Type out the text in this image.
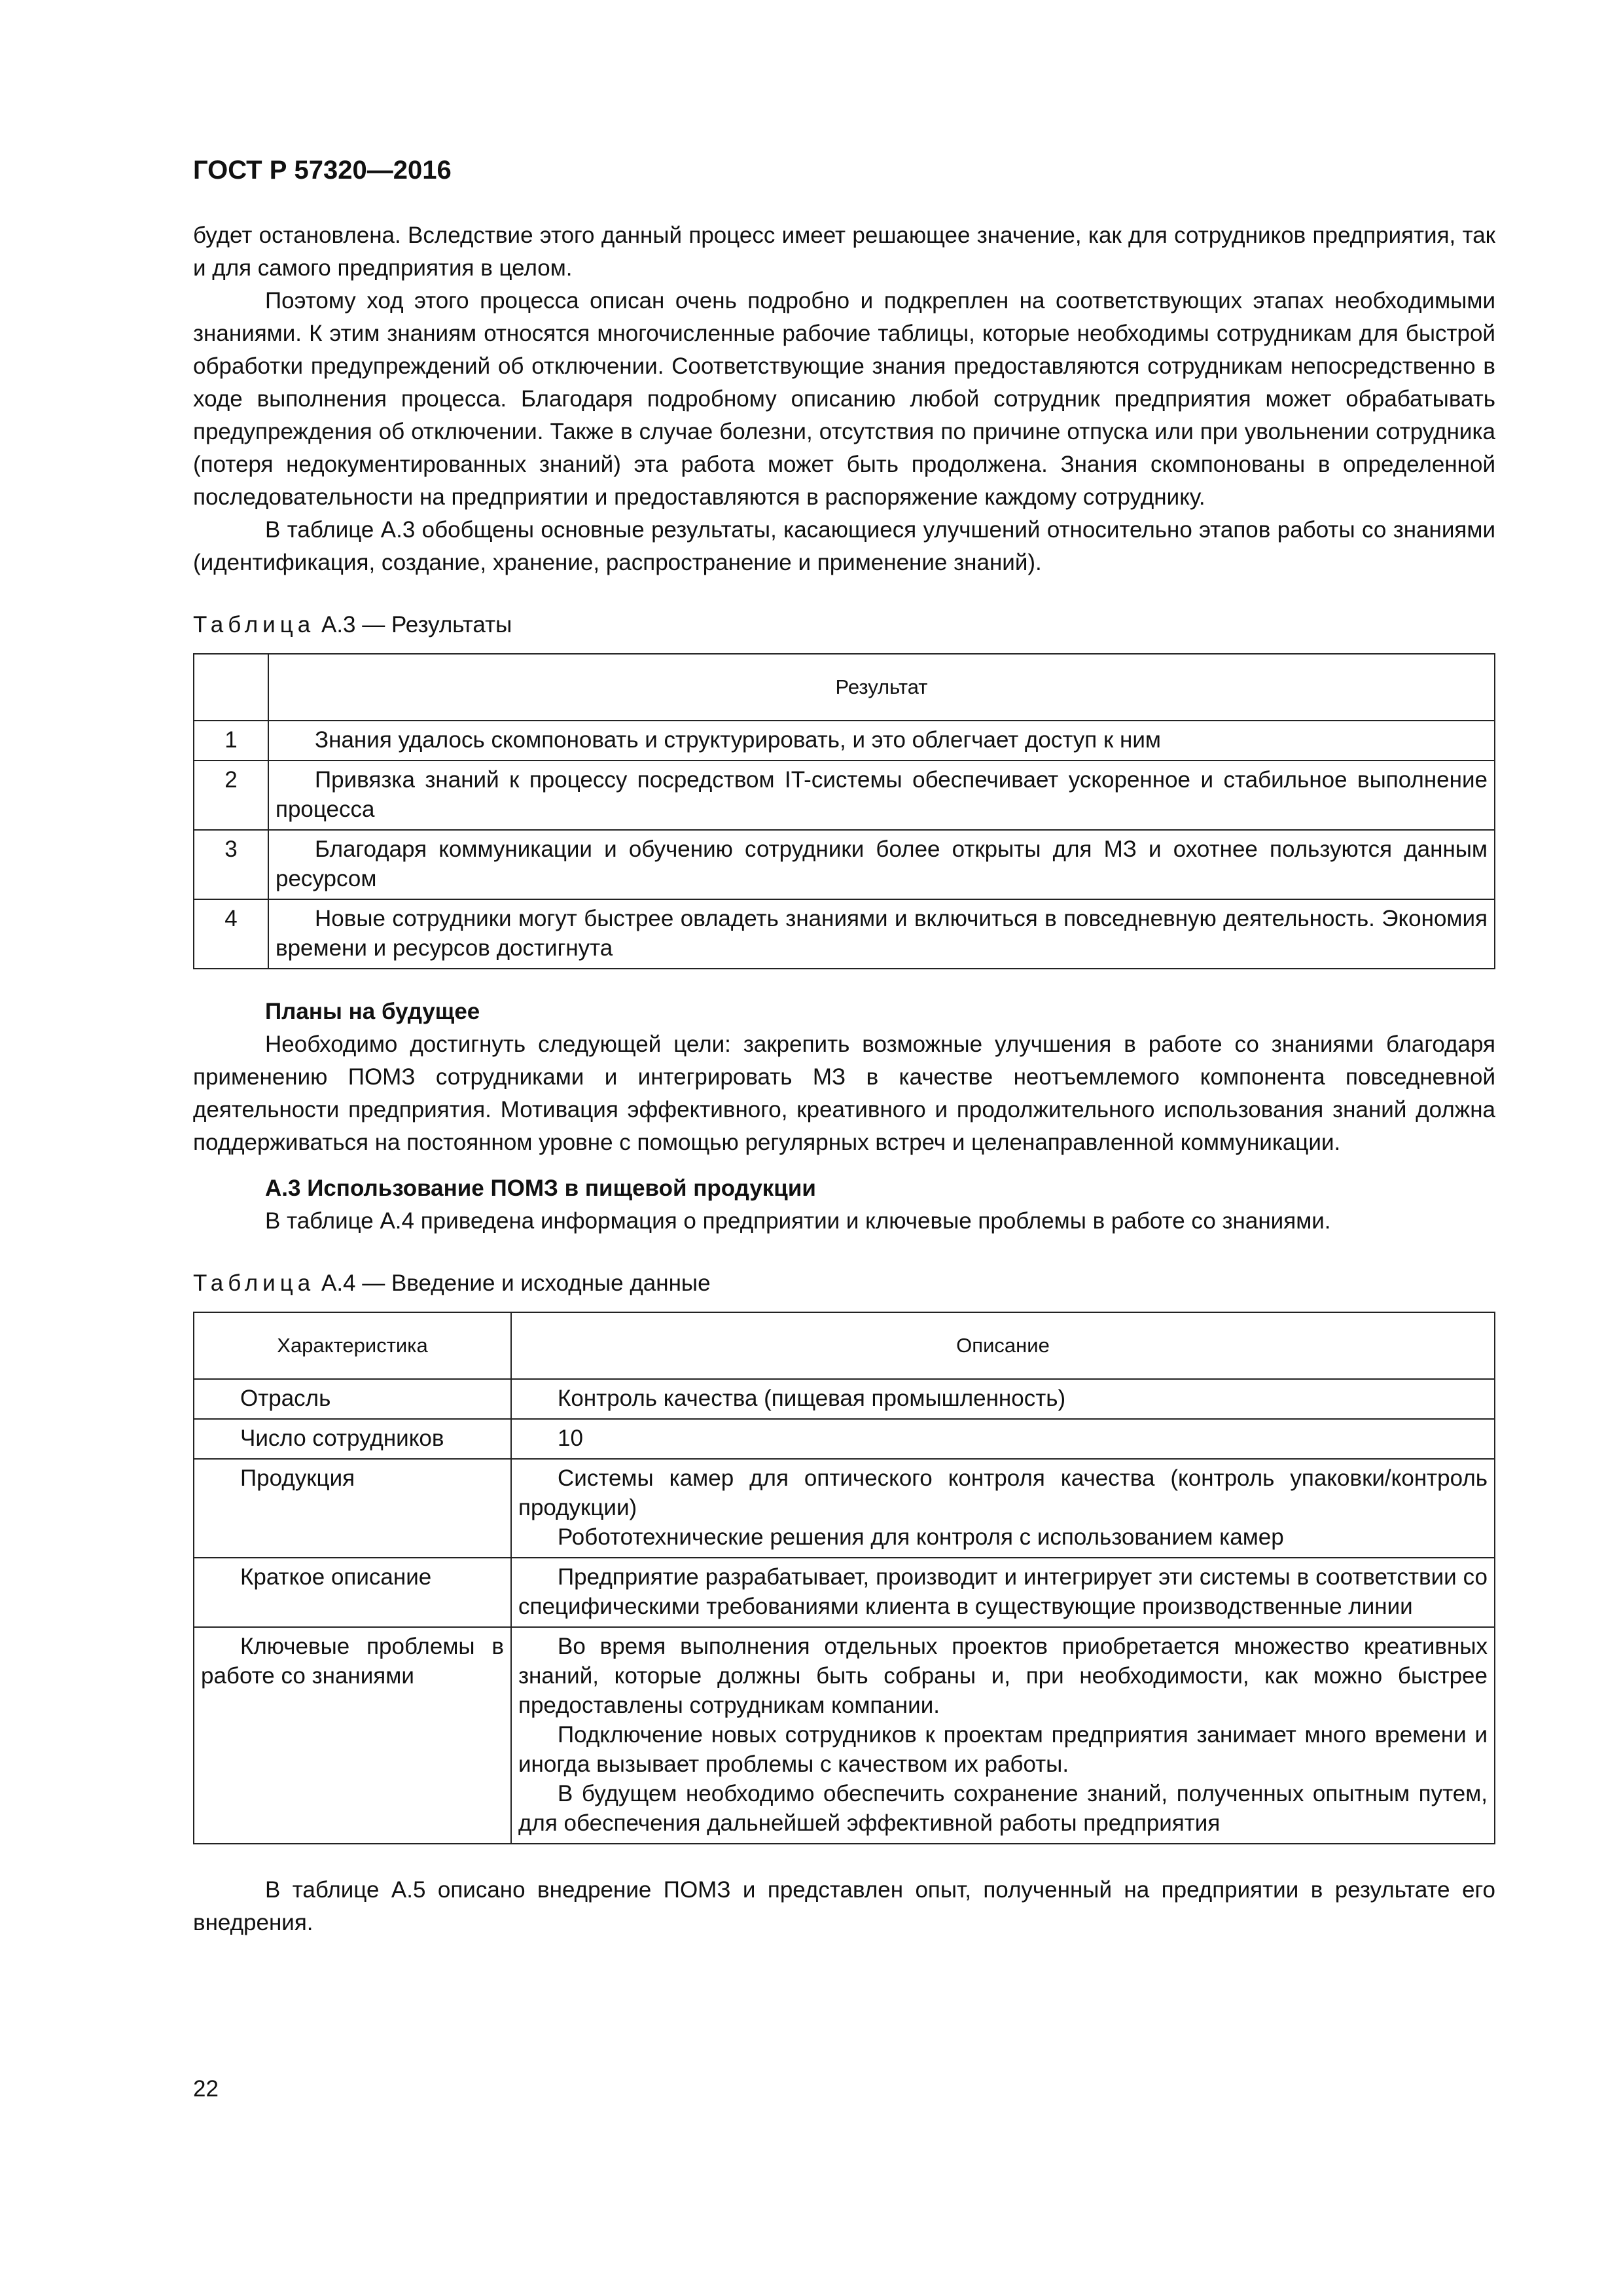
ГОСТ Р 57320—2016

будет остановлена. Вследствие этого данный процесс имеет решающее значение, как для сотрудников предприятия, так и для самого предприятия в целом.

Поэтому ход этого процесса описан очень подробно и подкреплен на соответствующих этапах необходимыми знаниями. К этим знаниям относятся многочисленные рабочие таблицы, которые необходимы сотрудникам для быстрой обработки предупреждений об отключении. Соответствующие знания предоставляются сотрудникам непосредственно в ходе выполнения процесса. Благодаря подробному описанию любой сотрудник предприятия может обрабатывать предупреждения об отключении. Также в случае болезни, отсутствия по причине отпуска или при увольнении сотрудника (потеря недокументированных знаний) эта работа может быть продолжена. Знания скомпонованы в определенной последовательности на предприятии и предоставляются в распоряжение каждому сотруднику.

В таблице А.3 обобщены основные результаты, касающиеся улучшений относительно этапов работы со знаниями (идентификация, создание, хранение, распространение и применение знаний).

Таблица А.3 — Результаты
	Результат
1	Знания удалось скомпоновать и структурировать, и это облегчает доступ к ним

2	Привязка знаний к процессу посредством IT-системы обеспечивает ускоренное и стабильное выполнение процесса

3	Благодаря коммуникации и обучению сотрудники более открыты для МЗ и охотнее пользуются данным ресурсом

4	Новые сотрудники могут быстрее овладеть знаниями и включиться в повседневную деятельность. Экономия времени и ресурсов достигнута

Планы на будущее

Необходимо достигнуть следующей цели: закрепить возможные улучшения в работе со знаниями благодаря применению ПОМЗ сотрудниками и интегрировать МЗ в качестве неотъемлемого компонента повседневной деятельности предприятия. Мотивация эффективного, креативного и продолжительного использования знаний должна поддерживаться на постоянном уровне с помощью регулярных встреч и целенаправленной коммуникации.

А.3 Использование ПОМЗ в пищевой продукции

В таблице А.4 приведена информация о предприятии и ключевые проблемы в работе со знаниями.

Таблица А.4 — Введение и исходные данные
Характеристика	Описание

Отрасль	Контроль качества (пищевая промышленность)

Число сотрудников	10

Продукция	Системы камер для оптического контроля качества (контроль упаковки/контроль продукции)

Робототехнические решения для контроля с использованием камер

Краткое описание	Предприятие разрабатывает, производит и интегрирует эти системы в соответствии со специфическими требованиями клиента в существующие производственные линии

Ключевые проблемы в работе со знаниями	Во время выполнения отдельных проектов приобретается множество креативных знаний, которые должны быть собраны и, при необходимости, как можно быстрее предоставлены сотрудникам компании.

Подключение новых сотрудников к проектам предприятия занимает много времени и иногда вызывает проблемы с качеством их работы.

В будущем необходимо обеспечить сохранение знаний, полученных опытным путем, для обеспечения дальнейшей эффективной работы предприятия

В таблице А.5 описано внедрение ПОМЗ и представлен опыт, полученный на предприятии в результате его внедрения.

22
